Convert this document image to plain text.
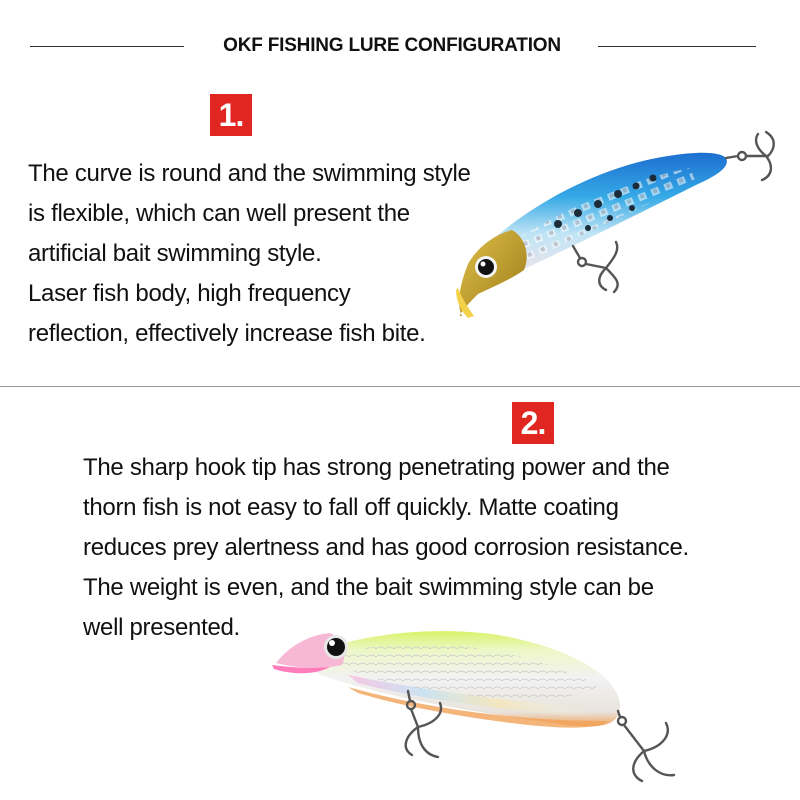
OKF FISHING LURE CONFIGURATION
1.
The curve is round and the swimming style
is flexible, which can well present the
artificial bait swimming style.
Laser fish body, high frequency
reflection, effectively increase fish bite.
2.
The sharp hook tip has strong penetrating power and the
thorn fish is not easy to fall off quickly. Matte coating
reduces prey alertness and has good corrosion resistance.
The weight is even, and the bait swimming style can be
well presented.
